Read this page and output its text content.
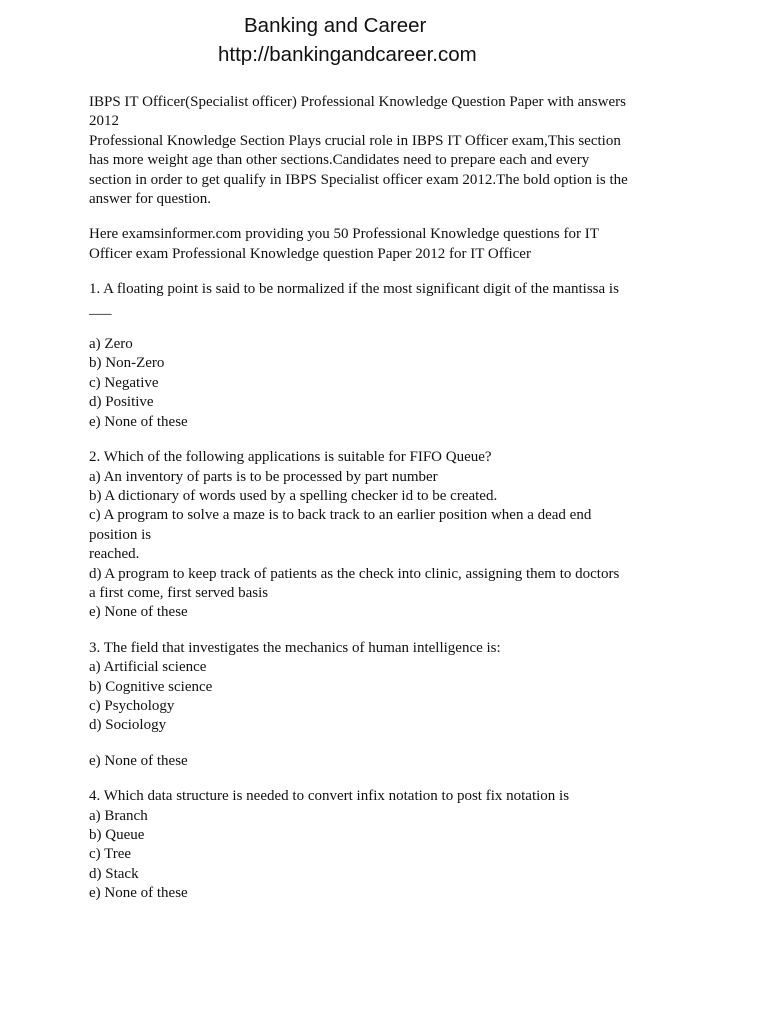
Banking and Career
http://bankingandcareer.com

IBPS IT Officer(Specialist officer) Professional Knowledge Question Paper with answers

2012

Professional Knowledge Section Plays crucial role in IBPS IT Officer exam,This section

has more weight age than other sections.Candidates need to prepare each and every

section in order to get qualify in IBPS Specialist officer exam 2012.The bold option is the

answer for question.

Here examsinformer.com providing you 50 Professional Knowledge questions for IT

Officer exam Professional Knowledge question Paper 2012 for IT Officer

1. A floating point is said to be normalized if the most significant digit of the mantissa is

___

a) Zero
b) Non-Zero
c) Negative
d) Positive
e) None of these
2. Which of the following applications is suitable for FIFO Queue?
a) An inventory of parts is to be processed by part number
b) A dictionary of words used by a spelling checker id to be created.
c) A program to solve a maze is to back track to an earlier position when a dead end
position is
reached.
d) A program to keep track of patients as the check into clinic, assigning them to doctors
a first come, first served basis
e) None of these
3. The field that investigates the mechanics of human intelligence is:
a) Artificial science
b) Cognitive science
c) Psychology
d) Sociology
e) None of these
4. Which data structure is needed to convert infix notation to post fix notation is
a) Branch
b) Queue
c) Tree
d) Stack
e) None of these
